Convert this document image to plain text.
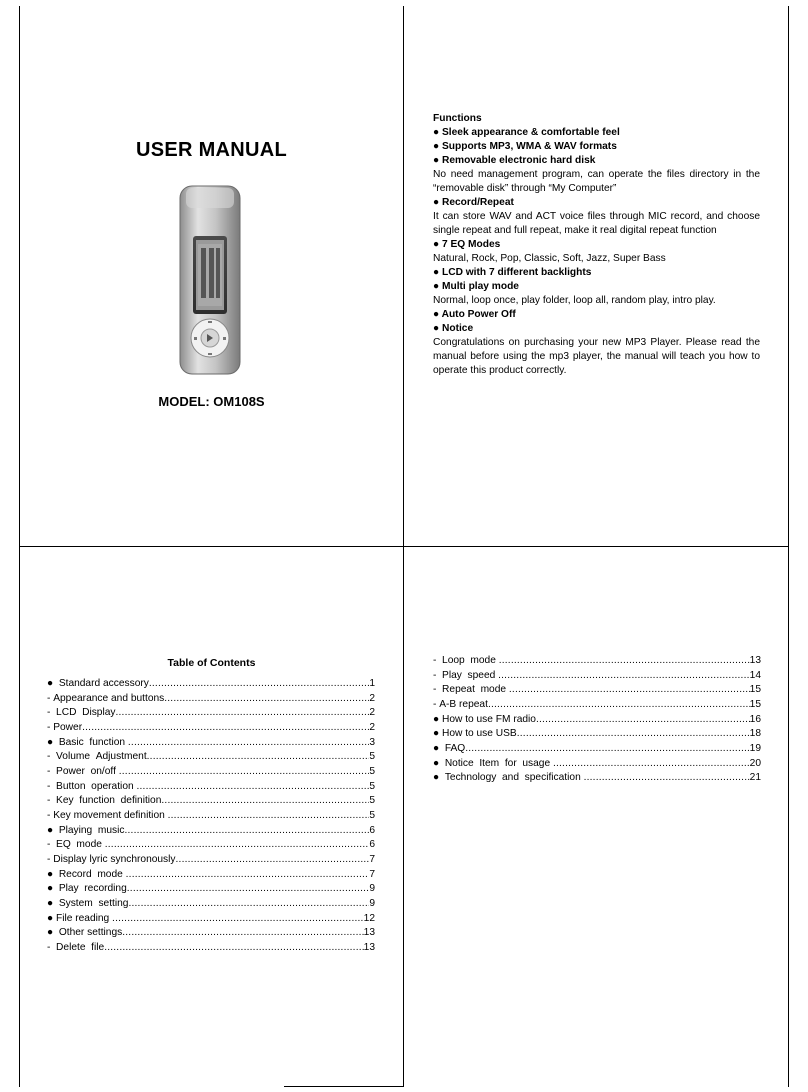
USER MANUAL
MODEL: OM108S
Functions
● Sleek appearance & comfortable feel
● Supports MP3, WMA & WAV formats
● Removable electronic hard disk
No need management program, can operate the files directory in the “removable disk” through “My Computer”
● Record/Repeat
It can store WAV and ACT voice files through MIC record, and choose single repeat and full repeat, make it real digital repeat function
● 7 EQ Modes
Natural, Rock, Pop, Classic, Soft, Jazz, Super Bass
● LCD with 7 different backlights
● Multi play mode
Normal, loop once, play folder, loop all, random play, intro play.
● Auto Power Off
● Notice
Congratulations on purchasing your new MP3 Player. Please read the manual before using the mp3 player, the manual will teach you how to operate this product correctly.
Table of Contents
●  Standard accessory .....	1
- Appearance and buttons .....	2
-  LCD  Display .....	2
- Power .....	2
●  Basic  function .....	3
-  Volume  Adjustment .....	5
-  Power  on/off .....	5
-  Button  operation .....	5
-  Key  function  definition .....	5
- Key movement definition .....	5
●  Playing  music .....	6
-  EQ  mode .....	6
- Display lyric synchronously .....	7
●  Record  mode .....	7
●  Play  recording .....	9
●  System  setting .....	9
● File reading .....	12
●  Other settings .....	13
-  Delete  file .....	13
-  Loop  mode .....	13
-  Play  speed .....	14
-  Repeat  mode .....	15
- A-B repeat .....	15
● How to use FM radio .....	16
● How to use USB .....	18
●  FAQ .....	19
●  Notice  Item  for  usage .....	20
●  Technology  and  specification .....	21
